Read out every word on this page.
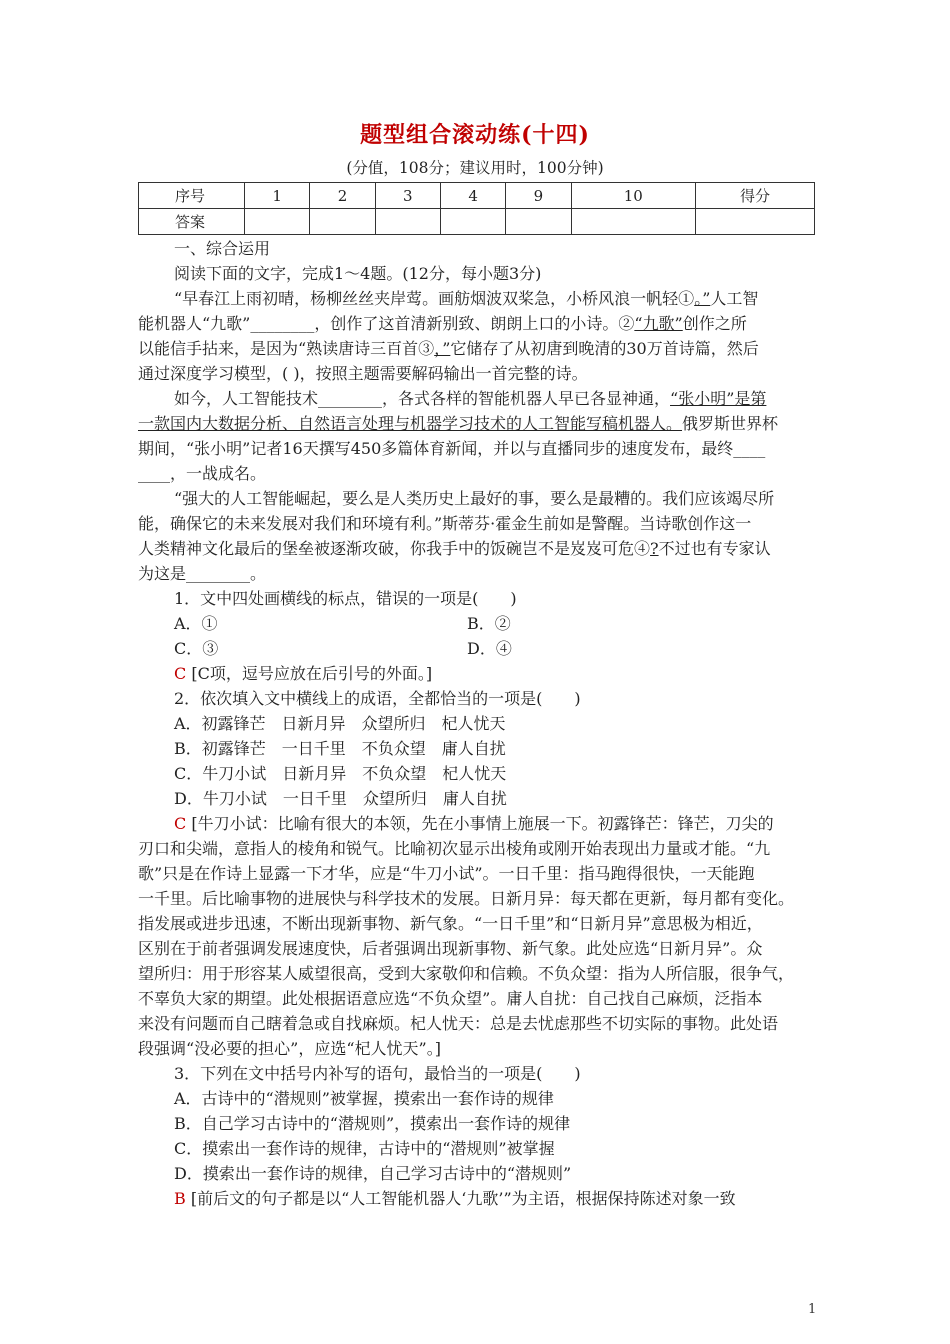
题型组合滚动练(十四)
(分值，108分；建议用时，100分钟)
序号	1	2	3	4	9	10	得分
答案							
一、综合运用
阅读下面的文字，完成1～4题。(12分，每小题3分)
“早春江上雨初晴，杨柳丝丝夹岸莺。画舫烟波双桨急，小桥风浪一帆轻①。”人工智
能机器人“九歌”________，创作了这首清新别致、朗朗上口的小诗。②“九歌”创作之所
以能信手拈来，是因为“熟读唐诗三百首③，”它储存了从初唐到晚清的30万首诗篇，然后
通过深度学习模型，( )，按照主题需要解码输出一首完整的诗。
如今，人工智能技术________，各式各样的智能机器人早已各显神通，“张小明”是第
一款国内大数据分析、自然语言处理与机器学习技术的人工智能写稿机器人。俄罗斯世界杯
期间，“张小明”记者16天撰写450多篇体育新闻，并以与直播同步的速度发布，最终____
____，一战成名。
“强大的人工智能崛起，要么是人类历史上最好的事，要么是最糟的。我们应该竭尽所
能，确保它的未来发展对我们和环境有利。”斯蒂芬·霍金生前如是警醒。当诗歌创作这一
人类精神文化最后的堡垒被逐渐攻破，你我手中的饭碗岂不是岌岌可危④?不过也有专家认
为这是________。
1．文中四处画横线的标点，错误的一项是(　　)
A．①	B．②
C．③	D．④
C [C项，逗号应放在后引号的外面。]
2．依次填入文中横线上的成语，全都恰当的一项是(　　)
A．初露锋芒　日新月异　众望所归　杞人忧天
B．初露锋芒　一日千里　不负众望　庸人自扰
C．牛刀小试　日新月异　不负众望　杞人忧天
D．牛刀小试　一日千里　众望所归　庸人自扰
C [牛刀小试：比喻有很大的本领，先在小事情上施展一下。初露锋芒：锋芒，刀尖的
刃口和尖端，意指人的棱角和锐气。比喻初次显示出棱角或刚开始表现出力量或才能。“九
歌”只是在作诗上显露一下才华，应是“牛刀小试”。一日千里：指马跑得很快，一天能跑
一千里。后比喻事物的进展快与科学技术的发展。日新月异：每天都在更新，每月都有变化。
指发展或进步迅速，不断出现新事物、新气象。“一日千里”和“日新月异”意思极为相近，
区别在于前者强调发展速度快，后者强调出现新事物、新气象。此处应选“日新月异”。众
望所归：用于形容某人威望很高，受到大家敬仰和信赖。不负众望：指为人所信服，很争气，
不辜负大家的期望。此处根据语意应选“不负众望”。庸人自扰：自己找自己麻烦，泛指本
来没有问题而自己瞎着急或自找麻烦。杞人忧天：总是去忧虑那些不切实际的事物。此处语
段强调“没必要的担心”，应选“杞人忧天”。]
3．下列在文中括号内补写的语句，最恰当的一项是(　　)
A．古诗中的“潜规则”被掌握，摸索出一套作诗的规律
B．自己学习古诗中的“潜规则”，摸索出一套作诗的规律
C．摸索出一套作诗的规律，古诗中的“潜规则”被掌握
D．摸索出一套作诗的规律，自己学习古诗中的“潜规则”
B [前后文的句子都是以“人工智能机器人‘九歌’”为主语，根据保持陈述对象一致
1
